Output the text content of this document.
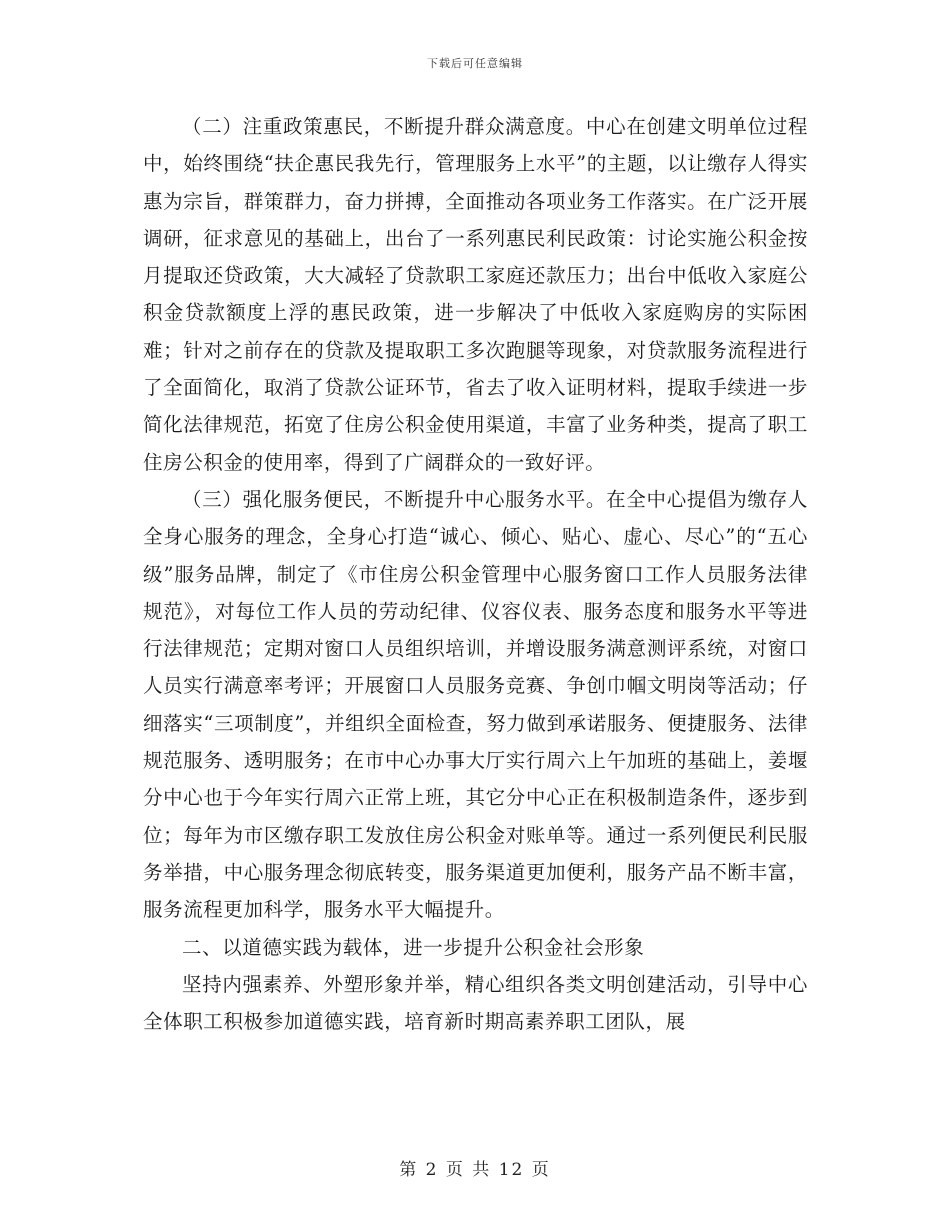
下载后可任意编辑

（二）注重政策惠民，不断提升群众满意度。中心在创建文明单位过程中，始终围绕“扶企惠民我先行，管理服务上水平”的主题，以让缴存人得实惠为宗旨，群策群力，奋力拼搏，全面推动各项业务工作落实。在广泛开展调研，征求意见的基础上，出台了一系列惠民利民政策：讨论实施公积金按月提取还贷政策，大大减轻了贷款职工家庭还款压力；出台中低收入家庭公积金贷款额度上浮的惠民政策，进一步解决了中低收入家庭购房的实际困难；针对之前存在的贷款及提取职工多次跑腿等现象，对贷款服务流程进行了全面简化，取消了贷款公证环节，省去了收入证明材料，提取手续进一步简化法律规范，拓宽了住房公积金使用渠道，丰富了业务种类，提高了职工住房公积金的使用率，得到了广阔群众的一致好评。

（三）强化服务便民，不断提升中心服务水平。在全中心提倡为缴存人全身心服务的理念，全身心打造“诚心、倾心、贴心、虚心、尽心”的“五心级”服务品牌，制定了《市住房公积金管理中心服务窗口工作人员服务法律规范》，对每位工作人员的劳动纪律、仪容仪表、服务态度和服务水平等进行法律规范；定期对窗口人员组织培训，并增设服务满意测评系统，对窗口人员实行满意率考评；开展窗口人员服务竞赛、争创巾帼文明岗等活动；仔细落实“三项制度”，并组织全面检查，努力做到承诺服务、便捷服务、法律规范服务、透明服务；在市中心办事大厅实行周六上午加班的基础上，姜堰分中心也于今年实行周六正常上班，其它分中心正在积极制造条件，逐步到位；每年为市区缴存职工发放住房公积金对账单等。通过一系列便民利民服务举措，中心服务理念彻底转变，服务渠道更加便利，服务产品不断丰富，服务流程更加科学，服务水平大幅提升。

二、以道德实践为载体，进一步提升公积金社会形象

坚持内强素养、外塑形象并举，精心组织各类文明创建活动，引导中心全体职工积极参加道德实践，培育新时期高素养职工团队，展

第 2 页 共 12 页
